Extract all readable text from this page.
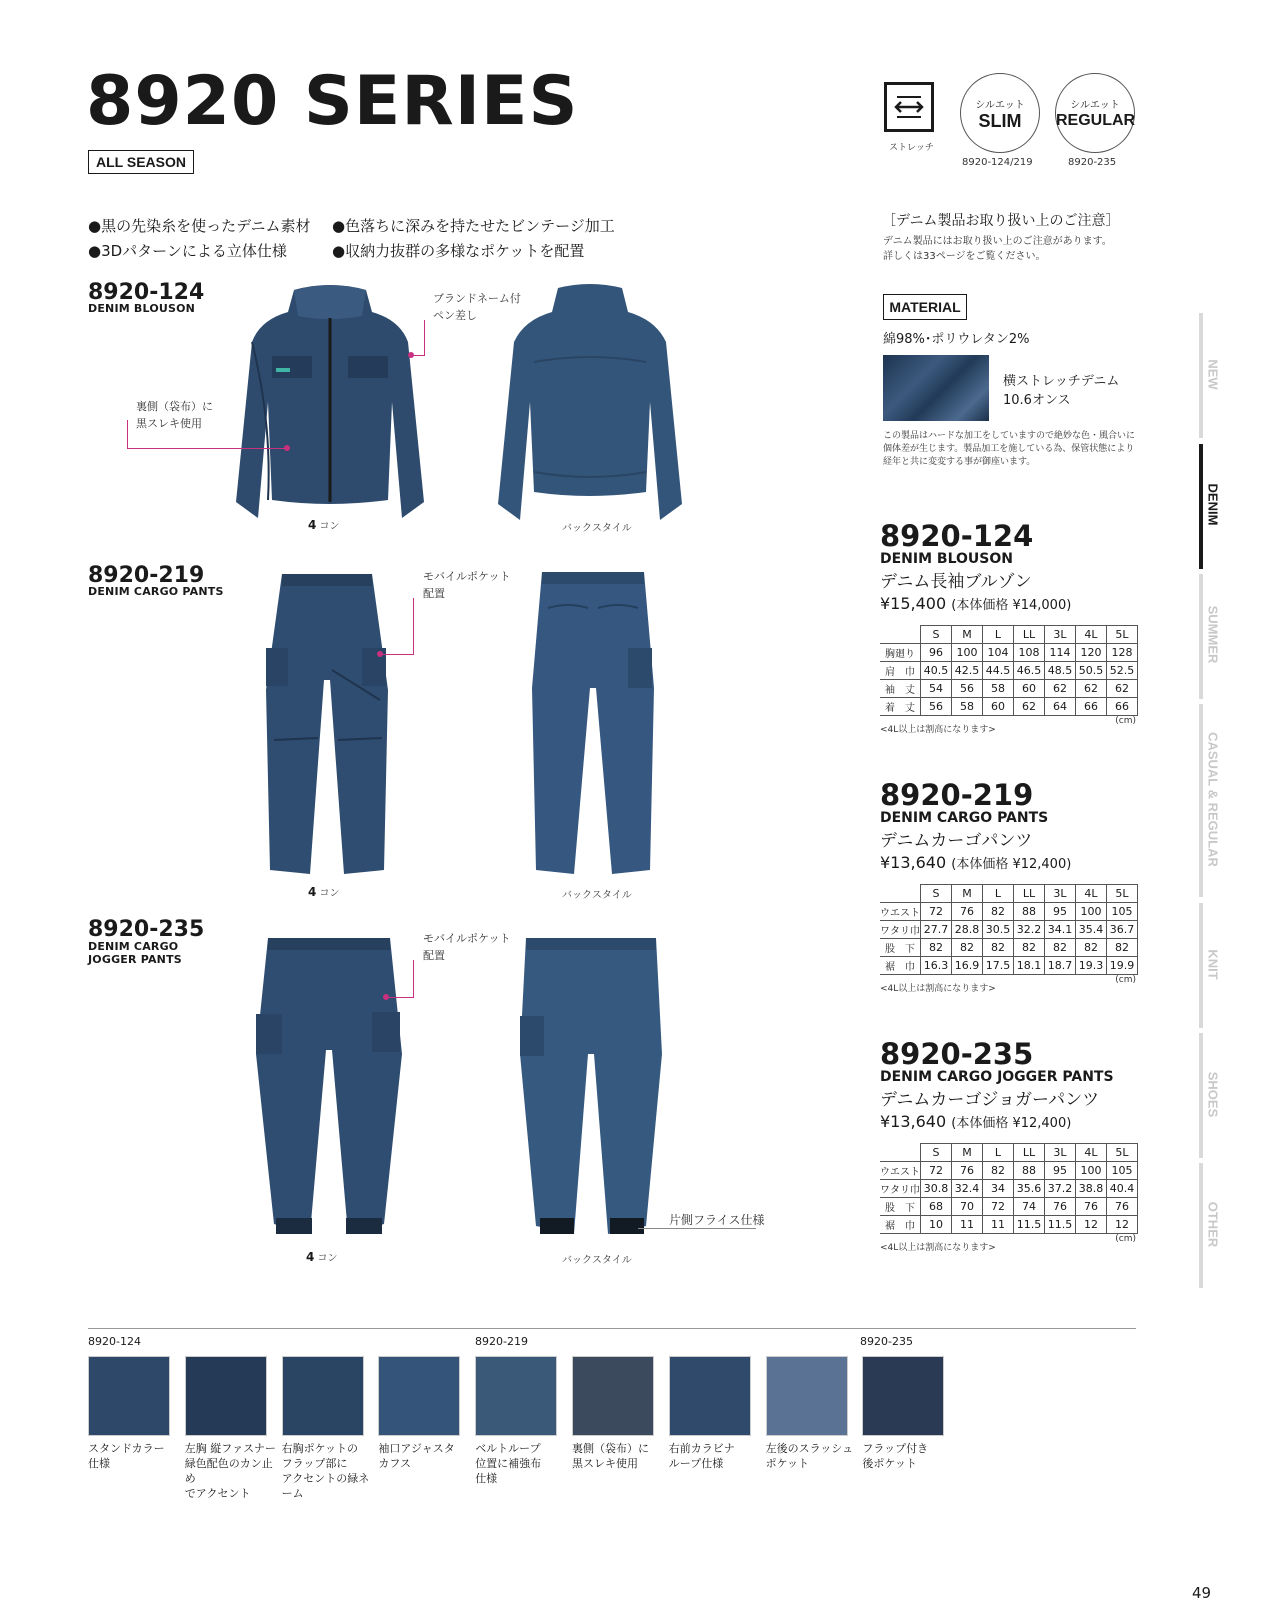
8920 SERIES
ALL SEASON
●黒の先染糸を使ったデニム素材 ●色落ちに深みを持たせたビンテージ加工
●3Dパターンによる立体仕様	●収納力抜群の多様なポケットを配置
ストレッチ
シルエット
SLIM
8920-124/219
シルエット
REGULAR
8920-235
［デニム製品お取り扱い上のご注意］
デニム製品にはお取り扱い上のご注意があります。
詳しくは33ページをご覧ください。
MATERIAL
綿98%･ポリウレタン2%
横ストレッチデニム
10.6オンス
この製品はハードな加工をしていますので絶妙な色・風合いに
個体差が生じます。製品加工を施している為、保管状態により
経年と共に変変する事が御座います。
8920-124
DENIM BLOUSON
ブランドネーム付
ペン差し
裏側（袋布）に
黒スレキ使用
4 コン	バックスタイル
8920-219
DENIM CARGO PANTS
モバイルポケット
配置
4 コン	バックスタイル
8920-235
DENIM CARGO
JOGGER PANTS
モバイルポケット
配置
片側フライス仕様
4 コン	バックスタイル
8920-124
DENIM BLOUSON
デニム長袖ブルゾン
¥15,400 (本体価格 ¥14,000)
	S	M	L	LL	3L	4L	5L
胸廻り	96	100	104	108	114	120	128
肩　巾	40.5	42.5	44.5	46.5	48.5	50.5	52.5
袖　丈	54	56	58	60	62	62	62
着　丈	56	58	60	62	64	66	66
<4L以上は割高になります>
(cm)
8920-219
DENIM CARGO PANTS
デニムカーゴパンツ
¥13,640 (本体価格 ¥12,400)
	S	M	L	LL	3L	4L	5L
ウエスト	72	76	82	88	95	100	105
ワタリ巾	27.7	28.8	30.5	32.2	34.1	35.4	36.7
股　下	82	82	82	82	82	82	82
裾　巾	16.3	16.9	17.5	18.1	18.7	19.3	19.9
<4L以上は割高になります>
(cm)
8920-235
DENIM CARGO JOGGER PANTS
デニムカーゴジョガーパンツ
¥13,640 (本体価格 ¥12,400)
	S	M	L	LL	3L	4L	5L
ウエスト	72	76	82	88	95	100	105
ワタリ巾	30.8	32.4	34	35.6	37.2	38.8	40.4
股　下	68	70	72	74	76	76	76
裾　巾	10	11	11	11.5	11.5	12	12
<4L以上は割高になります>
(cm)
NEW
DENIM
SUMMER
CASUAL & REGULAR
KNIT
SHOES
OTHER
8920-124	8920-219	8920-235
スタンドカラー
仕様
左胸 縦ファスナー
緑色配色のカン止め
でアクセント
右胸ポケットの
フラップ部に
アクセントの緑ネーム
袖口アジャスタ
カフス
ベルトループ
位置に補強布
仕様
裏側（袋布）に
黒スレキ使用
右前カラビナ
ループ仕様
左後のスラッシュ
ポケット
フラップ付き
後ポケット
49
